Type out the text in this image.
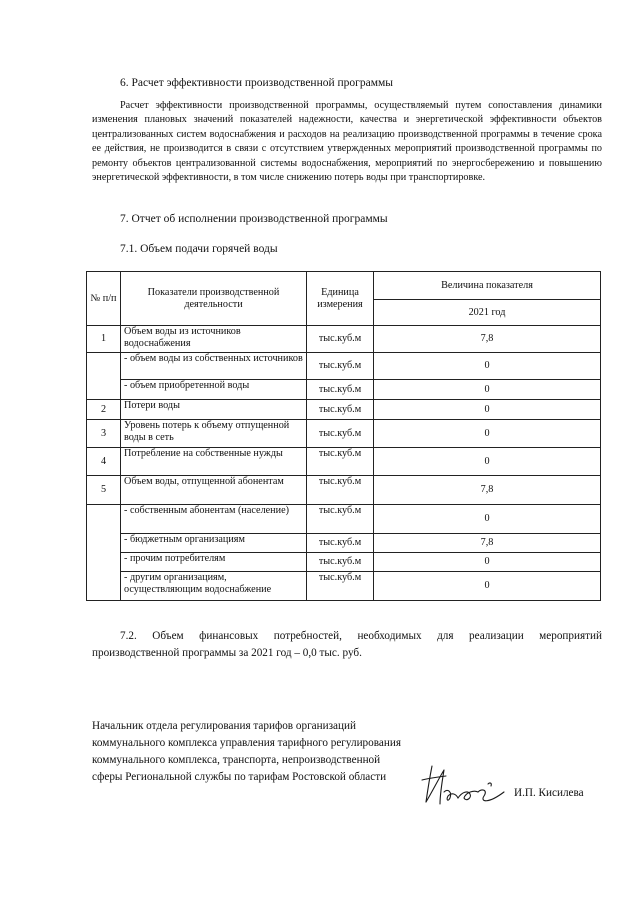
6. Расчет эффективности производственной программы

Расчет эффективности производственной программы, осуществляемый путем сопоставления динамики изменения плановых значений показателей надежности, качества и энергетической эффективности объектов централизованных систем водоснабжения и расходов на реализацию производственной программы в течение срока ее действия, не производится в связи с отсутствием утвержденных мероприятий производственной программы по ремонту объектов централизованной системы водоснабжения, мероприятий по энергосбережению и повышению энергетической эффективности, в том числе снижению потерь воды при транспортировке.

7. Отчет об исполнении производственной программы
7.1. Объем подачи горячей воды
№ п/п	Показатели производственной деятельности	Единица измерения	Величина показателя
			2021 год
1	Объем воды из источников водоснабжения	тыс.куб.м	7,8
	- объем воды из собственных источников	тыс.куб.м	0
	- объем приобретенной воды	тыс.куб.м	0
2	Потери воды	тыс.куб.м	0
3	Уровень потерь к объему отпущенной воды в сеть	тыс.куб.м	0
4	Потребление на собственные нужды	тыс.куб.м	0
5	Объем воды, отпущенной абонентам	тыс.куб.м	7,8
	- собственным абонентам (население)	тыс.куб.м	0
	- бюджетным организациям	тыс.куб.м	7,8
	- прочим потребителям	тыс.куб.м	0
	- другим организациям, осуществляющим водоснабжение	тыс.куб.м	0

7.2. Объем финансовых потребностей, необходимых для реализации мероприятий производственной программы за 2021 год – 0,0 тыс. руб.

Начальник отдела регулирования тарифов организаций коммунального комплекса управления тарифного регулирования коммунального комплекса, транспорта, непроизводственной сферы Региональной службы по тарифам Ростовской области
И.П. Кисилева
